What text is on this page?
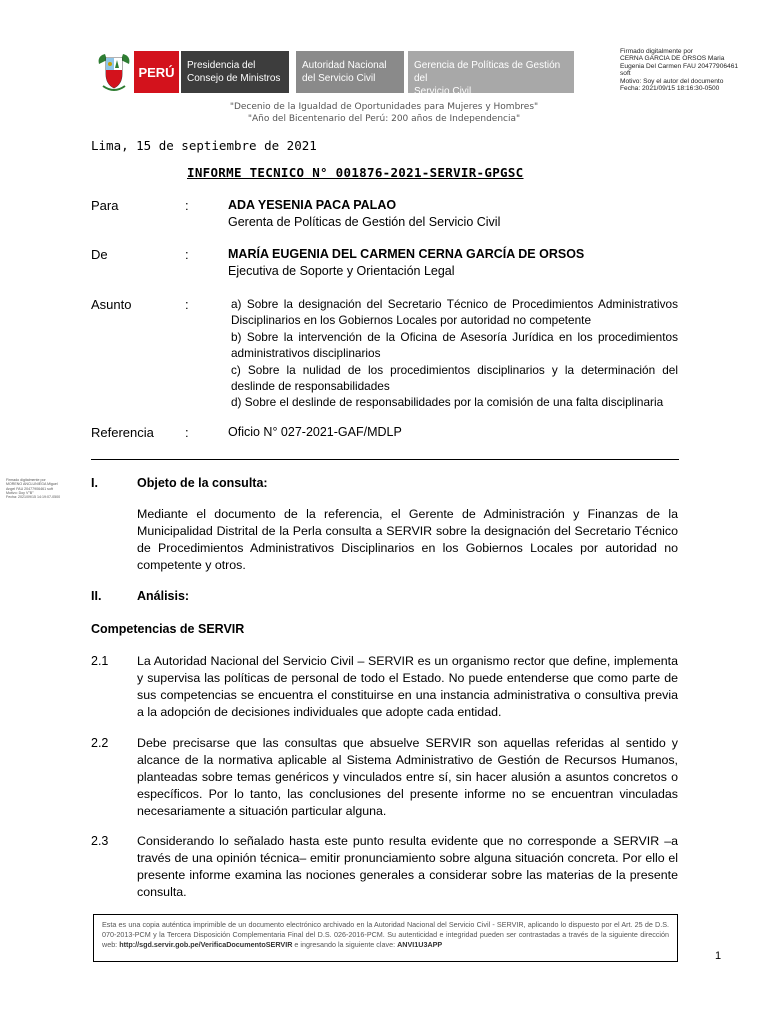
PERÚ Presidencia del
Consejo de Ministros
Autoridad Nacional
del Servicio Civil
Gerencia de Políticas de Gestión del
Servicio Civil
Firmado digitalmente por
CERNA GARCIA DE ORSOS Maria
Eugenia Del Carmen FAU 20477906461
soft
Motivo: Soy el autor del documento
Fecha: 2021/09/15 18:16:30-0500
Firmado digitalmente por
MORENO ANCLUNIEGA Miguel
Angel FAU 20477906461 soft
Motivo: Doy V°B°
Fecha: 2021/09/15 14:19:07-0500
"Decenio de la Igualdad de Oportunidades para Mujeres y Hombres"
"Año del Bicentenario del Perú: 200 años de Independencia"
Lima, 15 de septiembre de 2021
INFORME TECNICO N° 001876-2021-SERVIR-GPGSC
Para	:	ADA YESENIA PACA PALAO
Gerenta de Políticas de Gestión del Servicio Civil
De	:	MARÍA EUGENIA DEL CARMEN CERNA GARCÍA DE ORSOS
Ejecutiva de Soporte y Orientación Legal
Asunto	:	a) Sobre la designación del Secretario Técnico de Procedimientos Administrativos Disciplinarios en los Gobiernos Locales por autoridad no competente
b) Sobre la intervención de la Oficina de Asesoría Jurídica en los procedimientos administrativos disciplinarios
c) Sobre la nulidad de los procedimientos disciplinarios y la determinación del deslinde de responsabilidades
d) Sobre el deslinde de responsabilidades por la comisión de una falta disciplinaria
Referencia :	Oficio N° 027-2021-GAF/MDLP
I.	Objeto de la consulta:
Mediante el documento de la referencia, el Gerente de Administración y Finanzas de la Municipalidad Distrital de la Perla consulta a SERVIR sobre la designación del Secretario Técnico de Procedimientos Administrativos Disciplinarios en los Gobiernos Locales por autoridad no competente y otros.
II.	Análisis:
Competencias de SERVIR
2.1 La Autoridad Nacional del Servicio Civil – SERVIR es un organismo rector que define, implementa y supervisa las políticas de personal de todo el Estado. No puede entenderse que como parte de sus competencias se encuentra el constituirse en una instancia administrativa o consultiva previa a la adopción de decisiones individuales que adopte cada entidad.
2.2 Debe precisarse que las consultas que absuelve SERVIR son aquellas referidas al sentido y alcance de la normativa aplicable al Sistema Administrativo de Gestión de Recursos Humanos, planteadas sobre temas genéricos y vinculados entre sí, sin hacer alusión a asuntos concretos o específicos. Por lo tanto, las conclusiones del presente informe no se encuentran vinculadas necesariamente a situación particular alguna.
2.3 Considerando lo señalado hasta este punto resulta evidente que no corresponde a SERVIR –a través de una opinión técnica– emitir pronunciamiento sobre alguna situación concreta. Por ello el presente informe examina las nociones generales a considerar sobre las materias de la presente consulta.
Esta es una copia auténtica imprimible de un documento electrónico archivado en la Autoridad Nacional del Servicio Civil - SERVIR, aplicando lo dispuesto por el Art. 25 de D.S. 070-2013-PCM y la Tercera Disposición Complementaria Final del D.S. 026-2016-PCM. Su autenticidad e integridad pueden ser contrastadas a través de la siguiente dirección web: http://sgd.servir.gob.pe/VerificaDocumentoSERVIR e ingresando la siguiente clave: ANVI1U3APP
1
